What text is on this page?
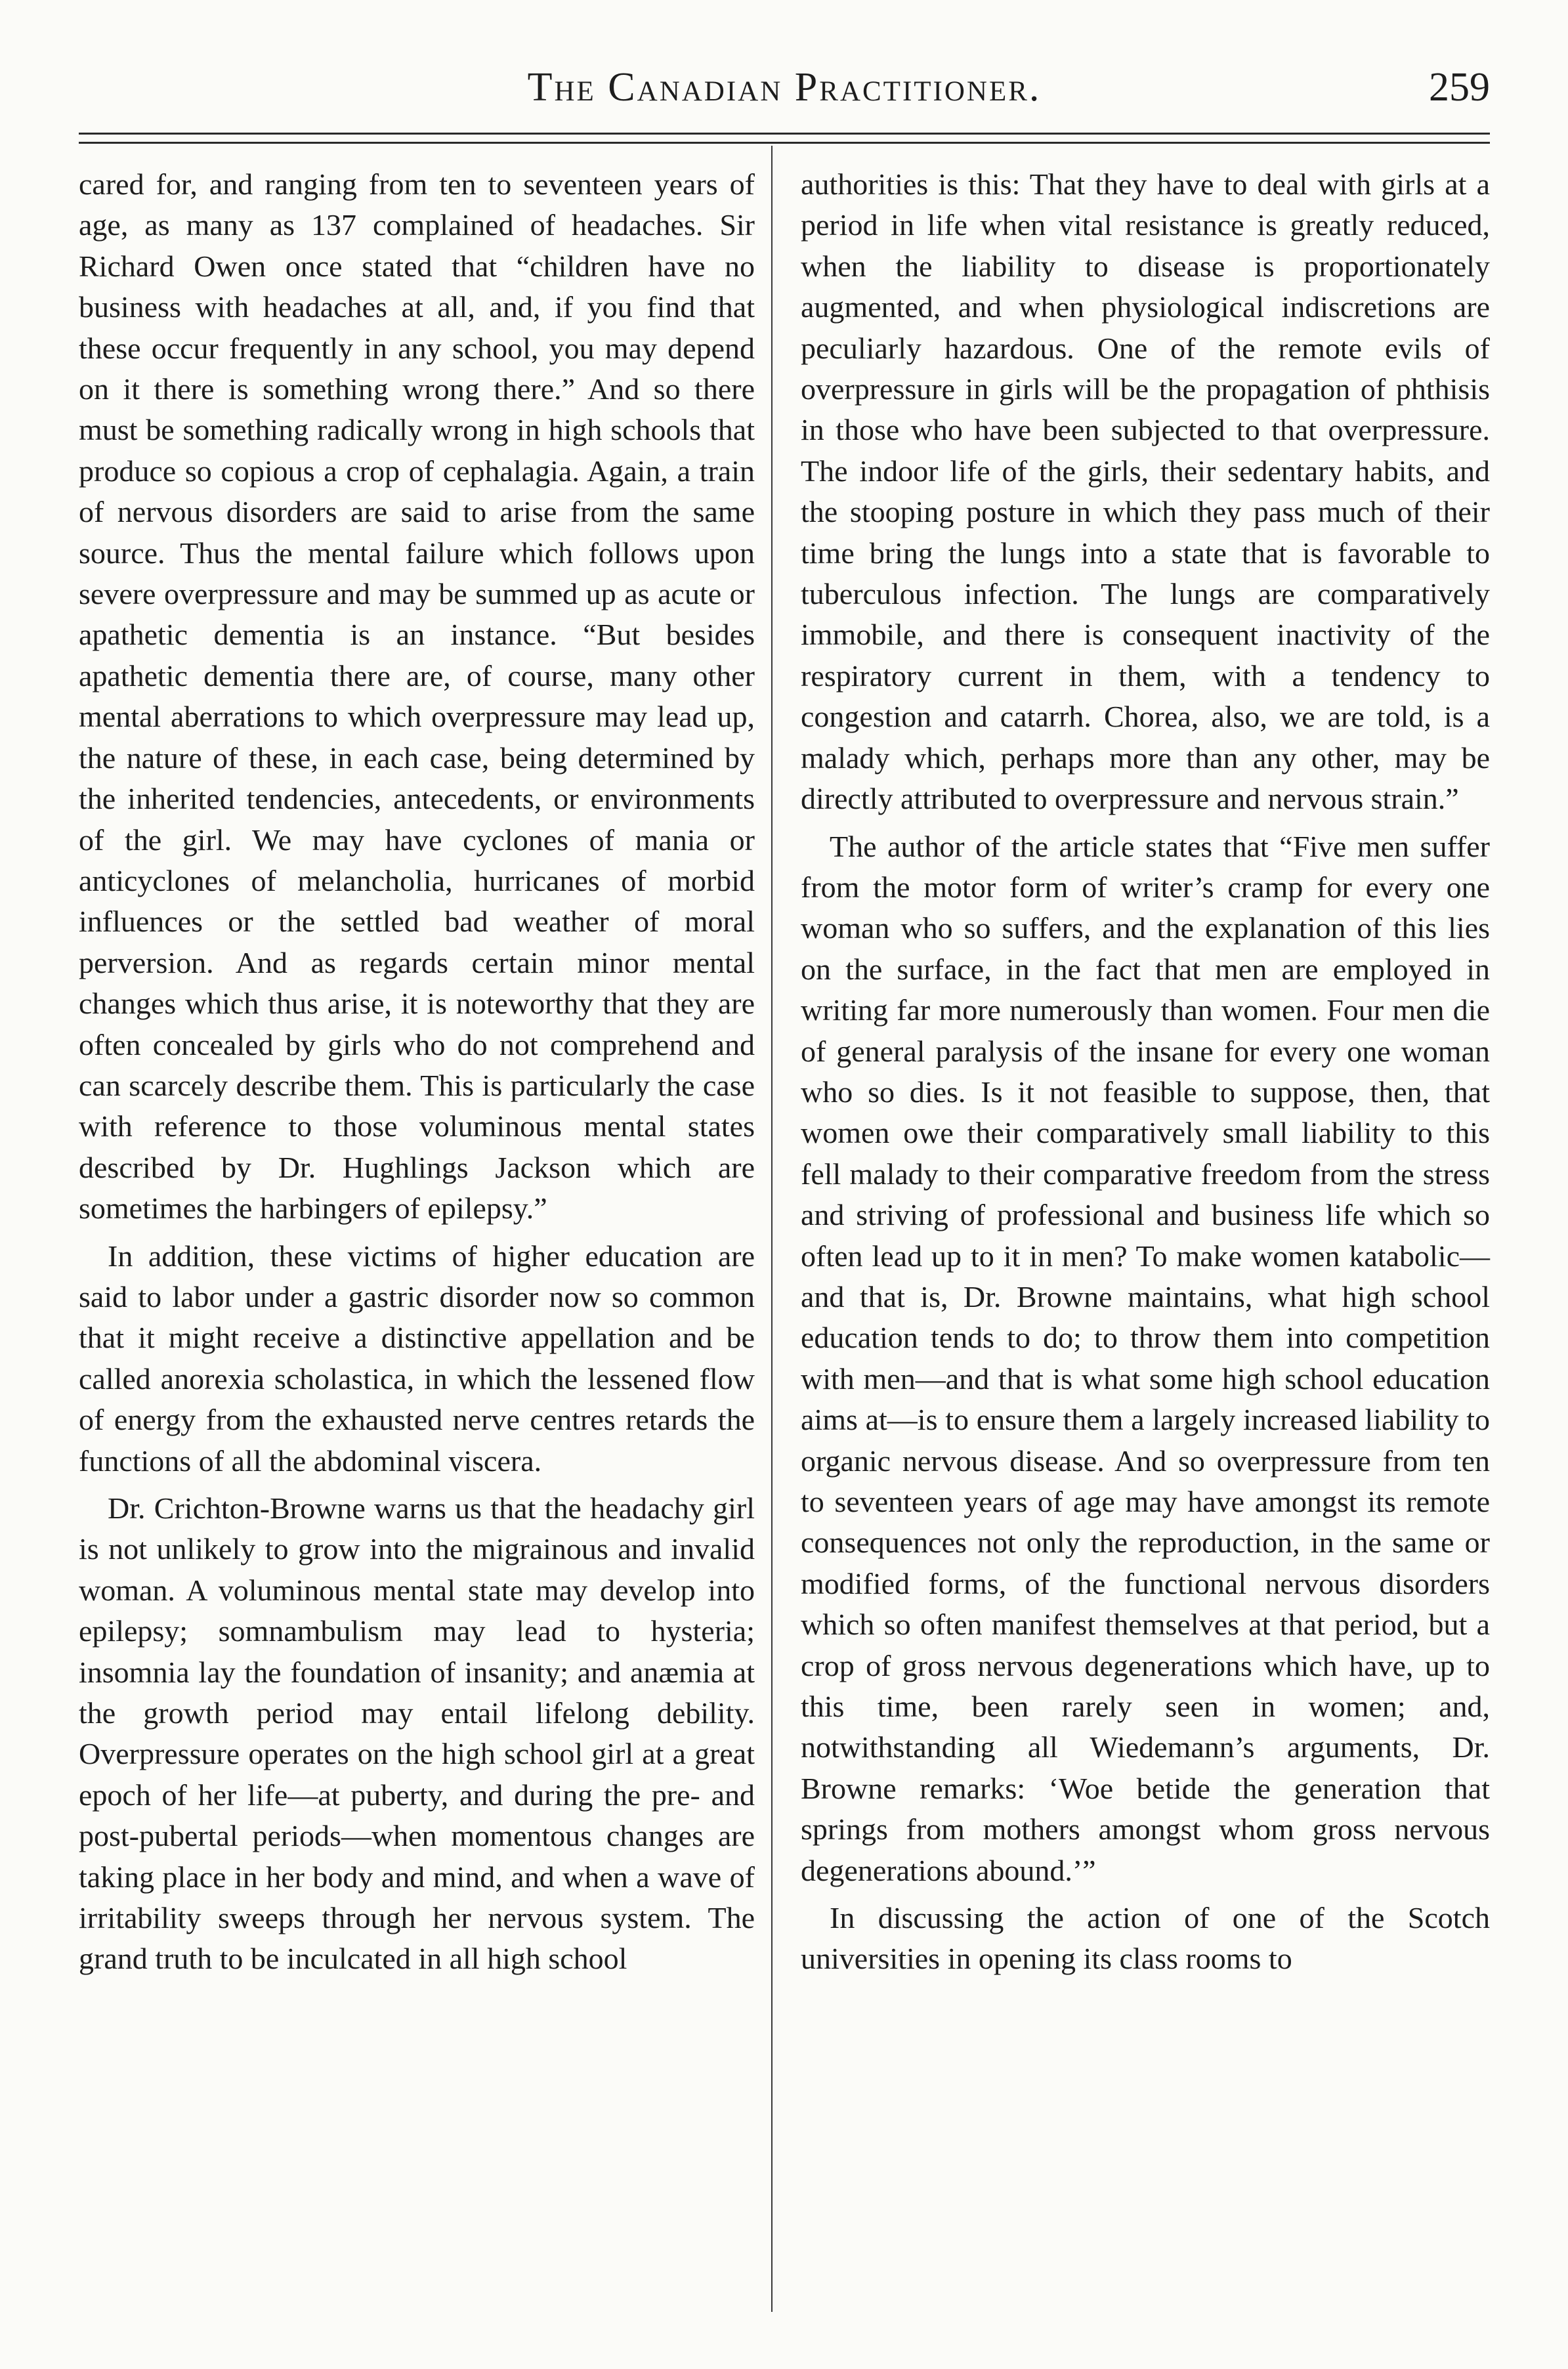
The Canadian Practitioner.	259

cared for, and ranging from ten to seventeen years of age, as many as 137 complained of headaches. Sir Richard Owen once stated that “children have no business with headaches at all, and, if you find that these occur frequently in any school, you may depend on it there is something wrong there.” And so there must be something radically wrong in high schools that produce so copious a crop of cephalagia. Again, a train of nervous disorders are said to arise from the same source. Thus the mental failure which follows upon severe overpressure and may be summed up as acute or apathetic dementia is an instance. “But besides apathetic dementia there are, of course, many other mental aberrations to which overpressure may lead up, the nature of these, in each case, being determined by the inherited tendencies, antecedents, or environments of the girl. We may have cyclones of mania or anticyclones of melancholia, hurricanes of morbid influences or the settled bad weather of moral perversion. And as regards certain minor mental changes which thus arise, it is noteworthy that they are often concealed by girls who do not comprehend and can scarcely describe them. This is particularly the case with reference to those voluminous mental states described by Dr. Hughlings Jackson which are sometimes the harbingers of epilepsy.”

In addition, these victims of higher education are said to labor under a gastric disorder now so common that it might receive a distinctive appellation and be called anorexia scholastica, in which the lessened flow of energy from the exhausted nerve centres retards the functions of all the abdominal viscera.

Dr. Crichton-Browne warns us that the headachy girl is not unlikely to grow into the migrainous and invalid woman. A voluminous mental state may develop into epilepsy; somnambulism may lead to hysteria; insomnia lay the foundation of insanity; and anæmia at the growth period may entail lifelong debility. Overpressure operates on the high school girl at a great epoch of her life—at puberty, and during the pre- and post-pubertal periods—when momentous changes are taking place in her body and mind, and when a wave of irritability sweeps through her nervous system. The grand truth to be inculcated in all high school

authorities is this: That they have to deal with girls at a period in life when vital resistance is greatly reduced, when the liability to disease is proportionately augmented, and when physiological indiscretions are peculiarly hazardous. One of the remote evils of overpressure in girls will be the propagation of phthisis in those who have been subjected to that overpressure. The indoor life of the girls, their sedentary habits, and the stooping posture in which they pass much of their time bring the lungs into a state that is favorable to tuberculous infection. The lungs are comparatively immobile, and there is consequent inactivity of the respiratory current in them, with a tendency to congestion and catarrh. Chorea, also, we are told, is a malady which, perhaps more than any other, may be directly attributed to overpressure and nervous strain.”

The author of the article states that “Five men suffer from the motor form of writer’s cramp for every one woman who so suffers, and the explanation of this lies on the surface, in the fact that men are employed in writing far more numerously than women. Four men die of general paralysis of the insane for every one woman who so dies. Is it not feasible to suppose, then, that women owe their comparatively small liability to this fell malady to their comparative freedom from the stress and striving of professional and business life which so often lead up to it in men? To make women katabolic—and that is, Dr. Browne maintains, what high school education tends to do; to throw them into competition with men—and that is what some high school education aims at—is to ensure them a largely increased liability to organic nervous disease. And so overpressure from ten to seventeen years of age may have amongst its remote consequences not only the reproduction, in the same or modified forms, of the functional nervous disorders which so often manifest themselves at that period, but a crop of gross nervous degenerations which have, up to this time, been rarely seen in women; and, notwithstanding all Wiedemann’s arguments, Dr. Browne remarks: ‘Woe betide the generation that springs from mothers amongst whom gross nervous degenerations abound.’”

In discussing the action of one of the Scotch universities in opening its class rooms to
